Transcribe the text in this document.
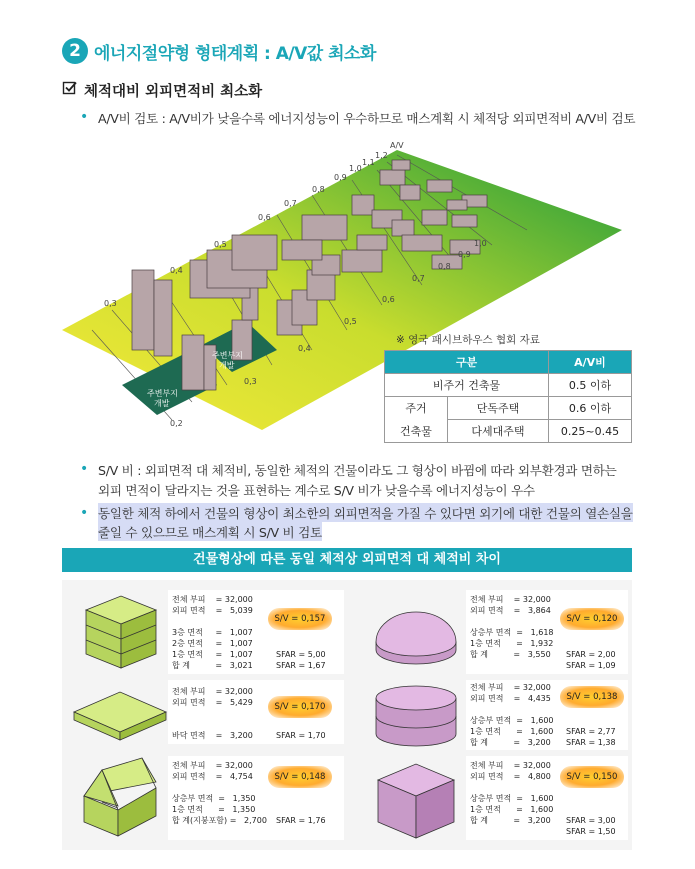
2 에너지절약형 형태계획 : A/V값 최소화
체적대비 외피면적비 최소화
• A/V비 검토 : A/V비가 낮을수록 에너지성능이 우수하므로 매스계획 시 체적당 외피면적비 A/V비 검토
0,2
0,3
0,4
0,5
0,6
0,7
0,8
0,9
1,0
1,1
1,2
A/V
0,3
0,4
0,5
0,6
0,7
0,8
0,9
1,0
주변부지
개발
주변부지
개발
※ 영국 패시브하우스 협회 자료
구분		A/V비
비주거 건축물		0.5 이하
주거	단독주택	0.6 이하
건축물	다세대주택	0.25~0.45
• S/V 비 : 외피면적 대 체적비, 동일한 체적의 건물이라도 그 형상이 바뀜에 따라 외부환경과 면하는
외피 면적이 달라지는 것을 표현하는 계수로 S/V 비가 낮을수록 에너지성능이 우수
• 동일한 체적 하에서 건물의 형상이 최소한의 외피면적을 가질 수 있다면 외기에 대한 건물의 열손실을
줄일 수 있으므로 매스계획 시 S/V 비 검토
건물형상에 따른 동일 체적상 외피면적 대 체적비 차이
전체 부피    = 32,000
외피 면적    =   5,039

3층 면적     =   1,007
2층 면적     =   1,007
1층 면적     =   1,007
합 계          =   3,021
S/V = 0,157
SFAR = 5,00
SFAR = 1,67
전체 부피    = 32,000
외피 면적    =   5,429

바닥 면적    =   3,200
S/V = 0,170
SFAR = 1,70
전체 부피    = 32,000
외피 면적    =   4,754

상층부 면적  =   1,350
1층 면적      =   1,350
합 계(지붕포함) =   2,700
S/V = 0,148
SFAR = 1,76
전체 부피    = 32,000
외피 면적    =   3,864

상층부 면적  =   1,618
1층 면적      =   1,932
합 계          =   3,550
S/V = 0,120
SFAR = 2,00
SFAR = 1,09
전체 부피    = 32,000
외피 면적    =   4,435

상층부 면적  =   1,600
1층 면적      =   1,600
합 계          =   3,200
S/V = 0,138
SFAR = 2,77
SFAR = 1,38
전체 부피    = 32,000
외피 면적    =   4,800

상층부 면적  =   1,600
1층 면적      =   1,600
합 계          =   3,200
S/V = 0,150
SFAR = 3,00
SFAR = 1,50
